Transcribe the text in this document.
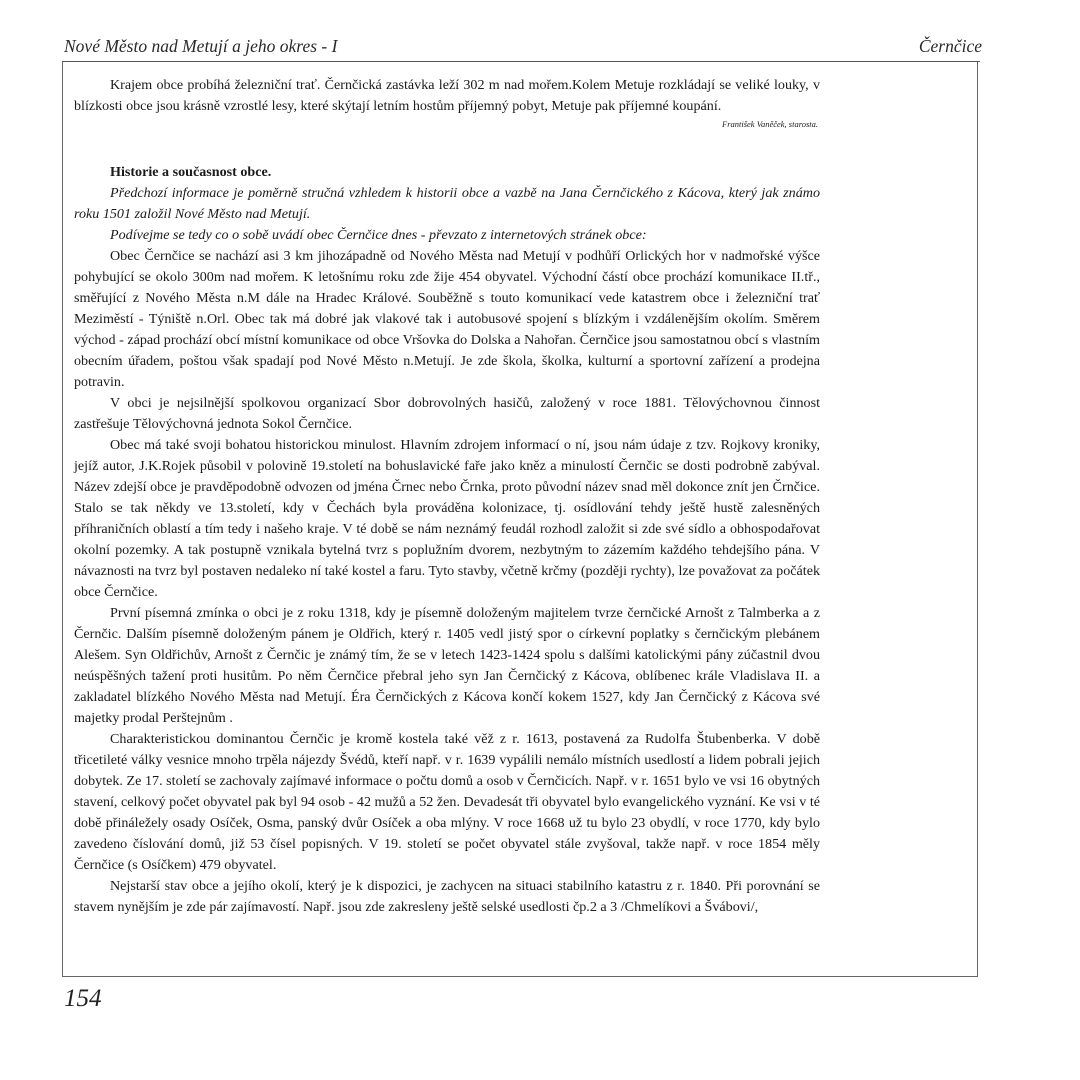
Nové Město nad Metují a jeho okres - I	Černčice

Krajem obce probíhá železniční trať. Černčická zastávka leží 302 m nad mořem.Kolem Metuje rozkládají se veliké louky, v blízkosti obce jsou krásně vzrostlé lesy, které skýtají letním hostům příjemný pobyt, Metuje pak příjemné koupání.

František Vaněček, starosta.

Historie a současnost obce.

Předchozí informace je poměrně stručná vzhledem k historii obce a vazbě na Jana Černčického z Kácova, který jak známo roku 1501 založil Nové Město nad Metují.

Podívejme se tedy co o sobě uvádí obec Černčice dnes - převzato z internetových stránek obce:

Obec Černčice se nachází asi 3 km jihozápadně od Nového Města nad Metují v podhůří Orlických hor v nadmořské výšce pohybující se okolo 300m nad mořem. K letošnímu roku zde žije 454 obyvatel. Východní částí obce prochází komunikace II.tř., směřující z Nového Města n.M dále na Hradec Králové. Souběžně s touto komunikací vede katastrem obce i železniční trať Meziměstí - Týniště n.Orl. Obec tak má dobré jak vlakové tak i autobusové spojení s blízkým i vzdálenějším okolím. Směrem východ - západ prochází obcí místní komunikace od obce Vršovka do Dolska a Nahořan. Černčice jsou samostatnou obcí s vlastním obecním úřadem, poštou však spadají pod Nové Město n.Metují. Je zde škola, školka, kulturní a sportovní zařízení a prodejna potravin.

V obci je nejsilnější spolkovou organizací Sbor dobrovolných hasičů, založený v roce 1881. Tělovýchovnou činnost zastřešuje Tělovýchovná jednota Sokol Černčice.

Obec má také svoji bohatou historickou minulost. Hlavním zdrojem informací o ní, jsou nám údaje z tzv. Rojkovy kroniky, jejíž autor, J.K.Rojek působil v polovině 19.století na bohuslavické faře jako kněz a minulostí Černčic se dosti podrobně zabýval. Název zdejší obce je pravděpodobně odvozen od jména Črnec nebo Črnka, proto původní název snad měl dokonce znít jen Črnčice. Stalo se tak někdy ve 13.století, kdy v Čechách byla prováděna kolonizace, tj. osídlování tehdy ještě hustě zalesněných příhraničních oblastí a tím tedy i našeho kraje. V té době se nám neznámý feudál rozhodl založit si zde své sídlo a obhospodařovat okolní pozemky. A tak postupně vznikala bytelná tvrz s poplužním dvorem, nezbytným to zázemím každého tehdejšího pána. V návaznosti na tvrz byl postaven nedaleko ní také kostel a faru. Tyto stavby, včetně krčmy (později rychty), lze považovat za počátek obce Černčice.

První písemná zmínka o obci je z roku 1318, kdy je písemně doloženým majitelem tvrze černčické Arnošt z Talmberka a z Černčic. Dalším písemně doloženým pánem je Oldřich, který r. 1405 vedl jistý spor o církevní poplatky s černčickým plebánem Alešem. Syn Oldřichův, Arnošt z Černčic je známý tím, že se v letech 1423-1424 spolu s dalšími katolickými pány zúčastnil dvou neúspěšných tažení proti husitům. Po něm Černčice přebral jeho syn Jan Černčický z Kácova, oblíbenec krále Vladislava II. a zakladatel blízkého Nového Města nad Metují. Éra Černčických z Kácova končí kokem 1527, kdy Jan Černčický z Kácova své majetky prodal Perštejnům .

Charakteristickou dominantou Černčic je kromě kostela také věž z r. 1613, postavená za Rudolfa Štubenberka. V době třicetileté války vesnice mnoho trpěla nájezdy Švédů, kteří např. v r. 1639 vypálili nemálo místních usedlostí a lidem pobrali jejich dobytek. Ze 17. století se zachovaly zajímavé informace o počtu domů a osob v Černčicích. Např. v r. 1651 bylo ve vsi 16 obytných stavení, celkový počet obyvatel pak byl 94 osob - 42 mužů a 52 žen. Devadesát tři obyvatel bylo evangelického vyznání. Ke vsi v té době přináležely osady Osíček, Osma, panský dvůr Osíček a oba mlýny. V roce 1668 už tu bylo 23 obydlí, v roce 1770, kdy bylo zavedeno číslování domů, již 53 čísel popisných. V 19. století se počet obyvatel stále zvyšoval, takže např. v roce 1854 měly Černčice (s Osíčkem) 479 obyvatel.

Nejstarší stav obce a jejího okolí, který je k dispozici, je zachycen na situaci stabilního katastru z r. 1840. Při porovnání se stavem nynějším je zde pár zajímavostí. Např. jsou zde zakresleny ještě selské usedlosti čp.2 a 3 /Chmelíkovi a Švábovi/,

154
